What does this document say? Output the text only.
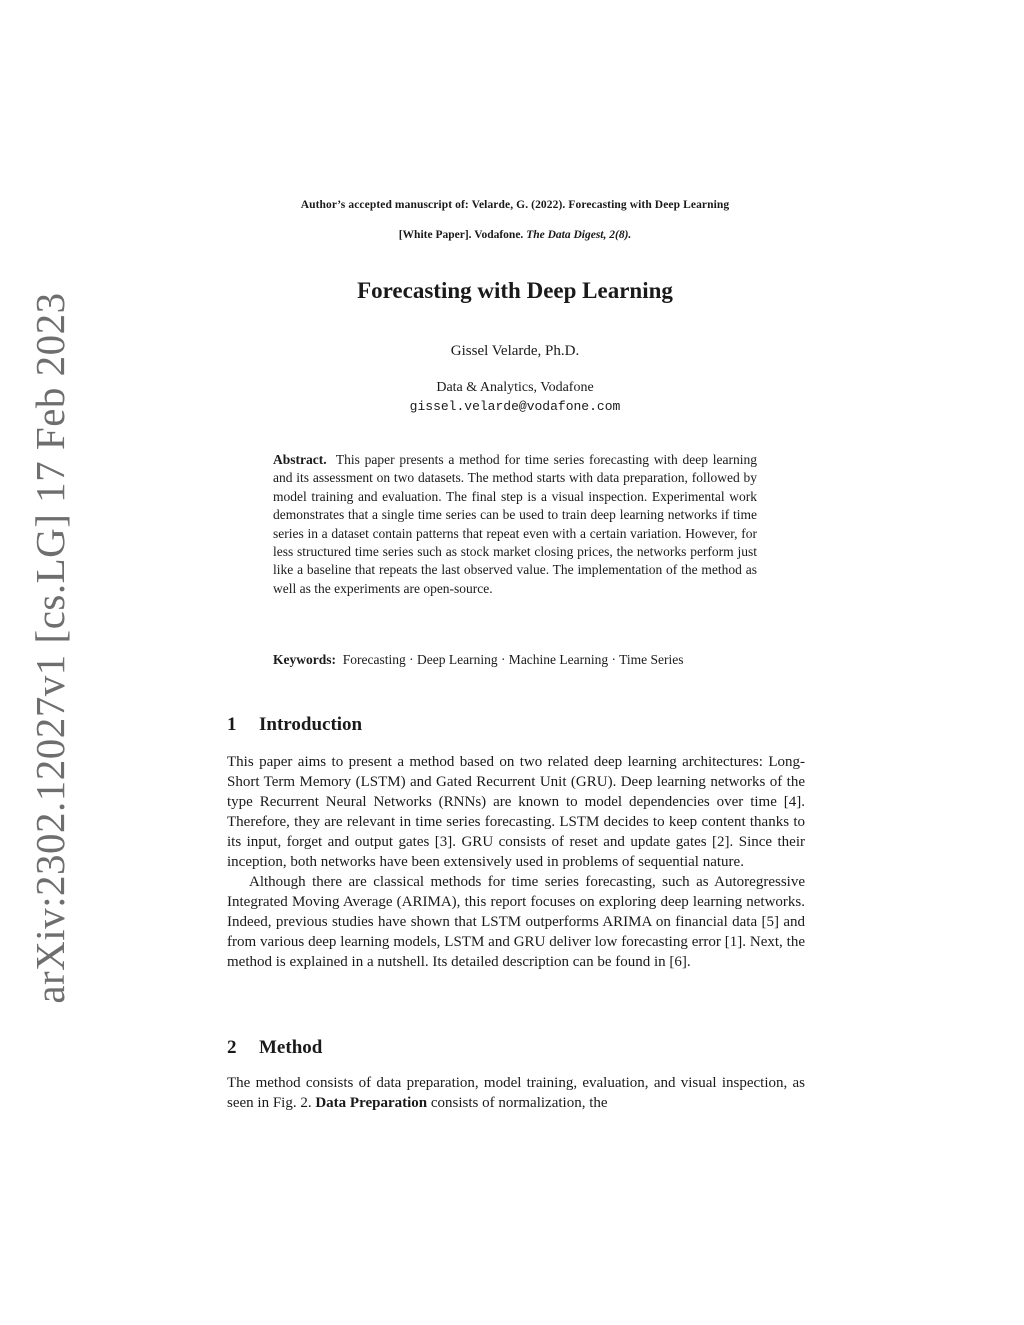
arXiv:2302.12027v1 [cs.LG] 17 Feb 2023
Author’s accepted manuscript of: Velarde, G. (2022). Forecasting with Deep Learning
[White Paper]. Vodafone. The Data Digest, 2(8).
Forecasting with Deep Learning
Gissel Velarde, Ph.D.
Data & Analytics, Vodafone
gissel.velarde@vodafone.com
Abstract. This paper presents a method for time series forecasting with deep learning and its assessment on two datasets. The method starts with data preparation, followed by model training and evaluation. The final step is a visual inspection. Experimental work demonstrates that a single time series can be used to train deep learning networks if time series in a dataset contain patterns that repeat even with a certain variation. However, for less structured time series such as stock market closing prices, the networks perform just like a baseline that repeats the last observed value. The implementation of the method as well as the experiments are open-source.
Keywords: Forecasting · Deep Learning · Machine Learning · Time Series
1 Introduction

This paper aims to present a method based on two related deep learning architectures: Long-Short Term Memory (LSTM) and Gated Recurrent Unit (GRU). Deep learning networks of the type Recurrent Neural Networks (RNNs) are known to model dependencies over time [4]. Therefore, they are relevant in time series forecasting. LSTM decides to keep content thanks to its input, forget and output gates [3]. GRU consists of reset and update gates [2]. Since their inception, both networks have been extensively used in problems of sequential nature.

Although there are classical methods for time series forecasting, such as Autoregressive Integrated Moving Average (ARIMA), this report focuses on exploring deep learning networks. Indeed, previous studies have shown that LSTM outperforms ARIMA on financial data [5] and from various deep learning models, LSTM and GRU deliver low forecasting error [1]. Next, the method is explained in a nutshell. Its detailed description can be found in [6].

2 Method

The method consists of data preparation, model training, evaluation, and visual inspection, as seen in Fig. 2. Data Preparation consists of normalization, the
